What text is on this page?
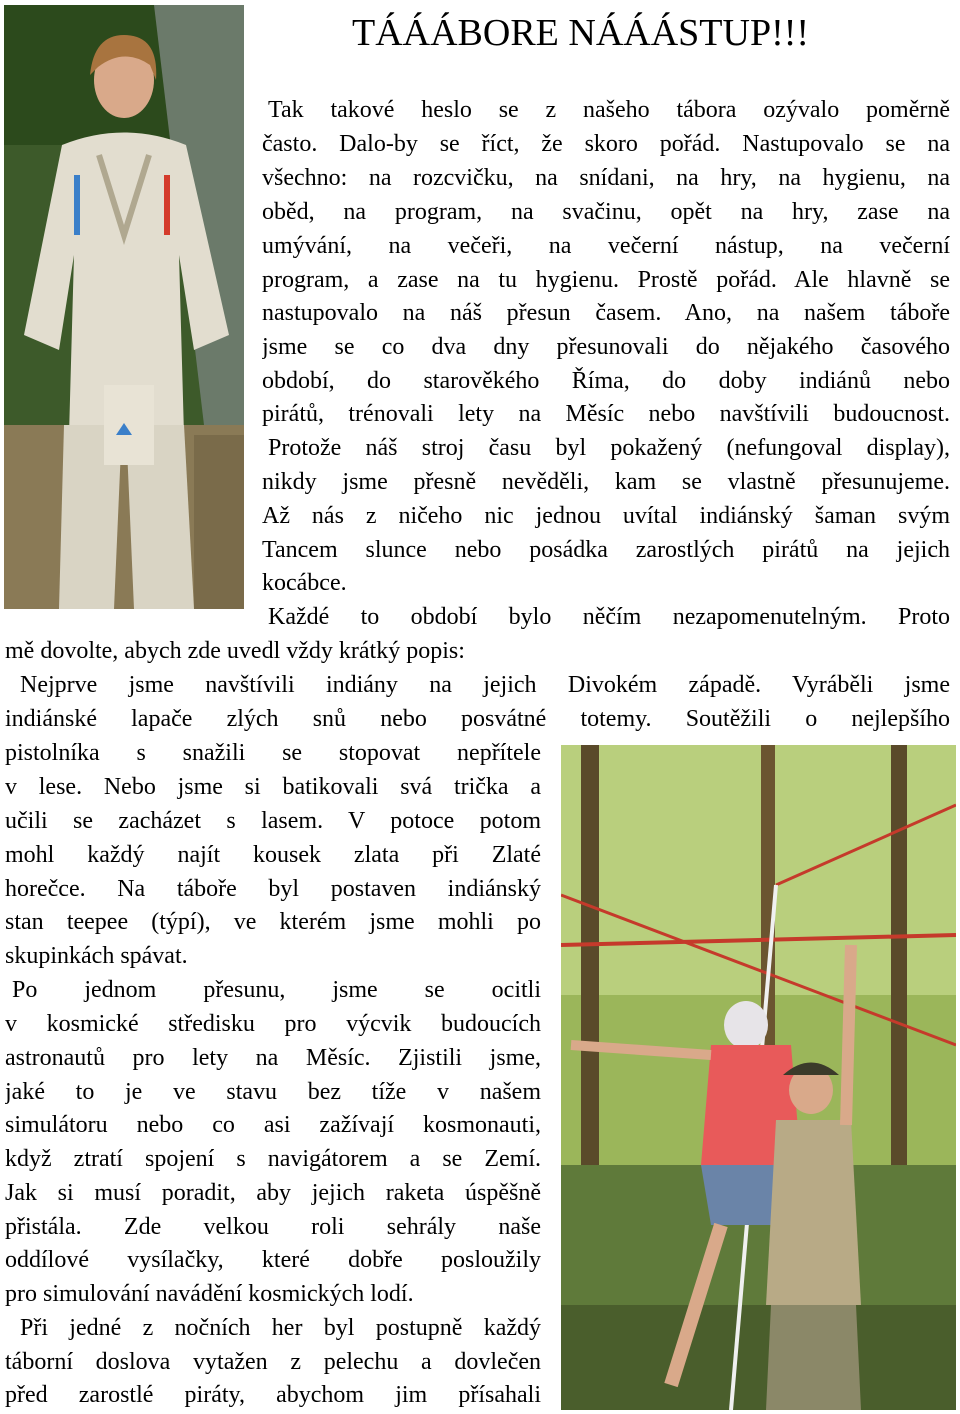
TÁÁÁBORE NÁÁÁSTUP!!!
Tak takové heslo se z našeho tábora ozývalo poměrně
často. Dalo-by se říct, že skoro pořád. Nastupovalo se na
všechno: na rozcvičku, na snídani, na hry, na hygienu, na
oběd, na program, na svačinu, opět na hry, zase na
umývání, na večeři, na večerní nástup, na večerní
program, a zase na tu hygienu. Prostě pořád. Ale hlavně se
nastupovalo na náš přesun časem. Ano, na našem táboře
jsme se co dva dny přesunovali do nějakého časového
období, do starověkého Říma, do doby indiánů nebo
pirátů, trénovali lety na Měsíc nebo navštívili budoucnost.
Protože náš stroj času byl pokažený (nefungoval display),
nikdy jsme přesně nevěděli, kam se vlastně přesunujeme.
Až nás z ničeho nic jednou uvítal indiánský šaman svým
Tancem slunce nebo posádka zarostlých pirátů na jejich
kocábce.
Každé to období bylo něčím nezapomenutelným. Proto
mě dovolte, abych zde uvedl vždy krátký popis:
Nejprve jsme navštívili indiány na jejich Divokém západě. Vyráběli jsme
indiánské lapače zlých snů nebo posvátné totemy. Soutěžili o nejlepšího
pistolníka s snažili se stopovat nepřítele
v lese. Nebo jsme si batikovali svá trička a
učili se zacházet s lasem. V potoce potom
mohl každý najít kousek zlata při Zlaté
horečce. Na táboře byl postaven indiánský
stan teepee (týpí), ve kterém jsme mohli po
skupinkách spávat.
Po jednom přesunu, jsme se ocitli
v kosmické středisku pro výcvik budoucích
astronautů pro lety na Měsíc. Zjistili jsme,
jaké to je ve stavu bez tíže v našem
simulátoru nebo co asi zažívají kosmonauti,
když ztratí spojení s navigátorem a se Zemí.
Jak si musí poradit, aby jejich raketa úspěšně
přistála. Zde velkou roli sehrály naše
oddílové vysílačky, které dobře posloužily
pro simulování navádění kosmických lodí.
Při jedné z nočních her byl postupně každý
táborní doslova vytažen z pelechu a dovlečen
před zarostlé piráty, abychom jim přísahali
